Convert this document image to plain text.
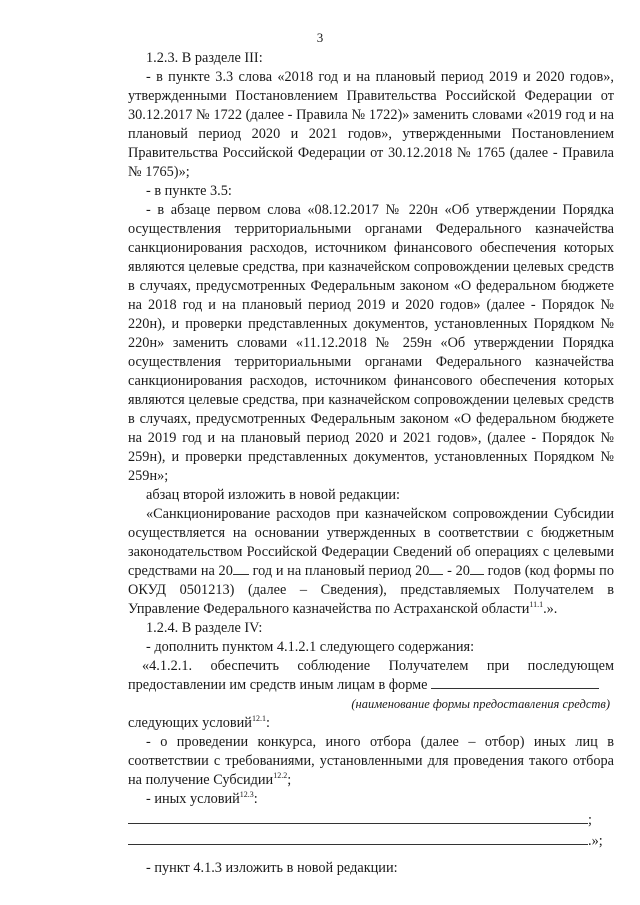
3

1.2.3. В разделе III:

- в пункте 3.3 слова «2018 год и на плановый период 2019 и 2020 годов», утвержденными Постановлением Правительства Российской Федерации от 30.12.2017 № 1722 (далее - Правила № 1722)» заменить словами «2019 год и на плановый период 2020 и 2021 годов», утвержденными Постановлением Правительства Российской Федерации от 30.12.2018 № 1765 (далее - Правила № 1765)»;

- в пункте 3.5:

- в абзаце первом слова «08.12.2017 № 220н «Об утверждении Порядка осуществления территориальными органами Федерального казначейства санкционирования расходов, источником финансового обеспечения которых являются целевые средства, при казначейском сопровождении целевых средств в случаях, предусмотренных Федеральным законом «О федеральном бюджете на 2018 год и на плановый период 2019 и 2020 годов» (далее - Порядок № 220н), и проверки представленных документов, установленных Порядком № 220н» заменить словами «11.12.2018 № 259н «Об утверждении Порядка осуществления территориальными органами Федерального казначейства санкционирования расходов, источником финансового обеспечения которых являются целевые средства, при казначейском сопровождении целевых средств в случаях, предусмотренных Федеральным законом «О федеральном бюджете на 2019 год и на плановый период 2020 и 2021 годов», (далее - Порядок № 259н), и проверки представленных документов, установленных Порядком № 259н»;

абзац второй изложить в новой редакции:

«Санкционирование расходов при казначейском сопровождении Субсидии осуществляется на основании утвержденных в соответствии с бюджетным законодательством Российской Федерации Сведений об операциях с целевыми средствами на 20 год и на плановый период 20 - 20 годов (код формы по ОКУД 0501213) (далее – Сведения), представляемых Получателем в Управление Федерального казначейства по Астраханской области$^{11.1}$.».

1.2.4. В разделе IV:

- дополнить пунктом 4.1.2.1 следующего содержания:

«4.1.2.1. обеспечить соблюдение Получателем при последующем предоставлении им средств иным лицам в форме

(наименование формы предоставления средств)

следующих условий$^{12.1}$:

- о проведении конкурса, иного отбора (далее – отбор) иных лиц в соответствии с требованиями, установленными для проведения такого отбора на получение Субсидии$^{12.2}$;

- иных условий$^{12.3}$:

;

.»;

- пункт 4.1.3 изложить в новой редакции:
